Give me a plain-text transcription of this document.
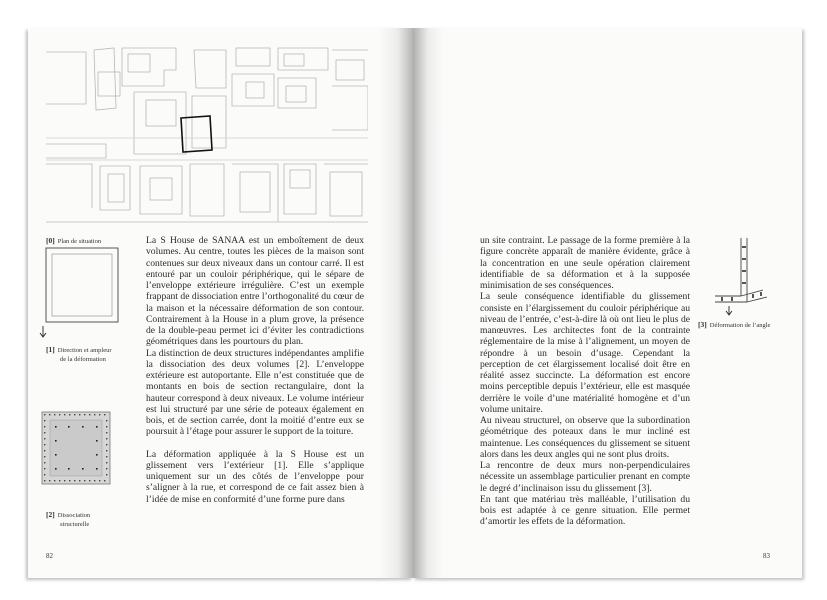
[0] Plan de situation
[1] Direction et ampleur
de la déformation
[2] Dissociation
structurelle

La S House de SANAA est un emboîtement de deux volumes. Au centre, toutes les pièces de la maison sont contenues sur deux niveaux dans un contour carré. Il est entouré par un couloir périphérique, qui le sépare de l’enveloppe extérieure irrégulière. C’est un exemple frappant de dissociation entre l’orthogonalité du cœur de la maison et la nécessaire déformation de son contour. Contrairement à la House in a plum grove, la présence de la double-peau permet ici d’éviter les contradictions géométriques dans les pourtours du plan.

La distinction de deux structures indépendantes amplifie la dissociation des deux volumes [2]. L’enveloppe extérieure est autoportante. Elle n’est constituée que de montants en bois de section rectangulaire, dont la hauteur correspond à deux niveaux. Le volume intérieur est lui structuré par une série de poteaux également en bois, et de section carrée, dont la moitié d’entre eux se poursuit à l’étage pour assurer le support de la toiture.

La déformation appliquée à la S House est un glissement vers l’extérieur [1]. Elle s’applique uniquement sur un des côtés de l’enveloppe pour s’aligner à la rue, et correspond de ce fait assez bien à l’idée de mise en conformité d’une forme pure dans

82

un site contraint. Le passage de la forme première à la figure concrète apparaît de manière évidente, grâce à la concentration en une seule opération clairement identifiable de sa déformation et à la supposée minimisation de ses conséquences.

La seule conséquence identifiable du glissement consiste en l’élargissement du couloir périphérique au niveau de l’entrée, c’est-à-dire là où ont lieu le plus de manœuvres. Les architectes font de la contrainte réglementaire de la mise à l’alignement, un moyen de répondre à un besoin d’usage. Cependant la perception de cet élargissement localisé doit être en réalité assez succincte. La déformation est encore moins perceptible depuis l’extérieur, elle est masquée derrière le voile d’une matérialité homogène et d’un volume unitaire.

Au niveau structurel, on observe que la subordination géométrique des poteaux dans le mur incliné est maintenue. Les conséquences du glissement se situent alors dans les deux angles qui ne sont plus droits.

La rencontre de deux murs non-perpendiculaires nécessite un assemblage particulier prenant en compte le degré d’inclinaison issu du glissement [3].

En tant que matériau très malléable, l’utilisation du bois est adaptée à ce genre situation. Elle permet d’amortir les effets de la déformation.

[3] Déformation de l’angle
83
